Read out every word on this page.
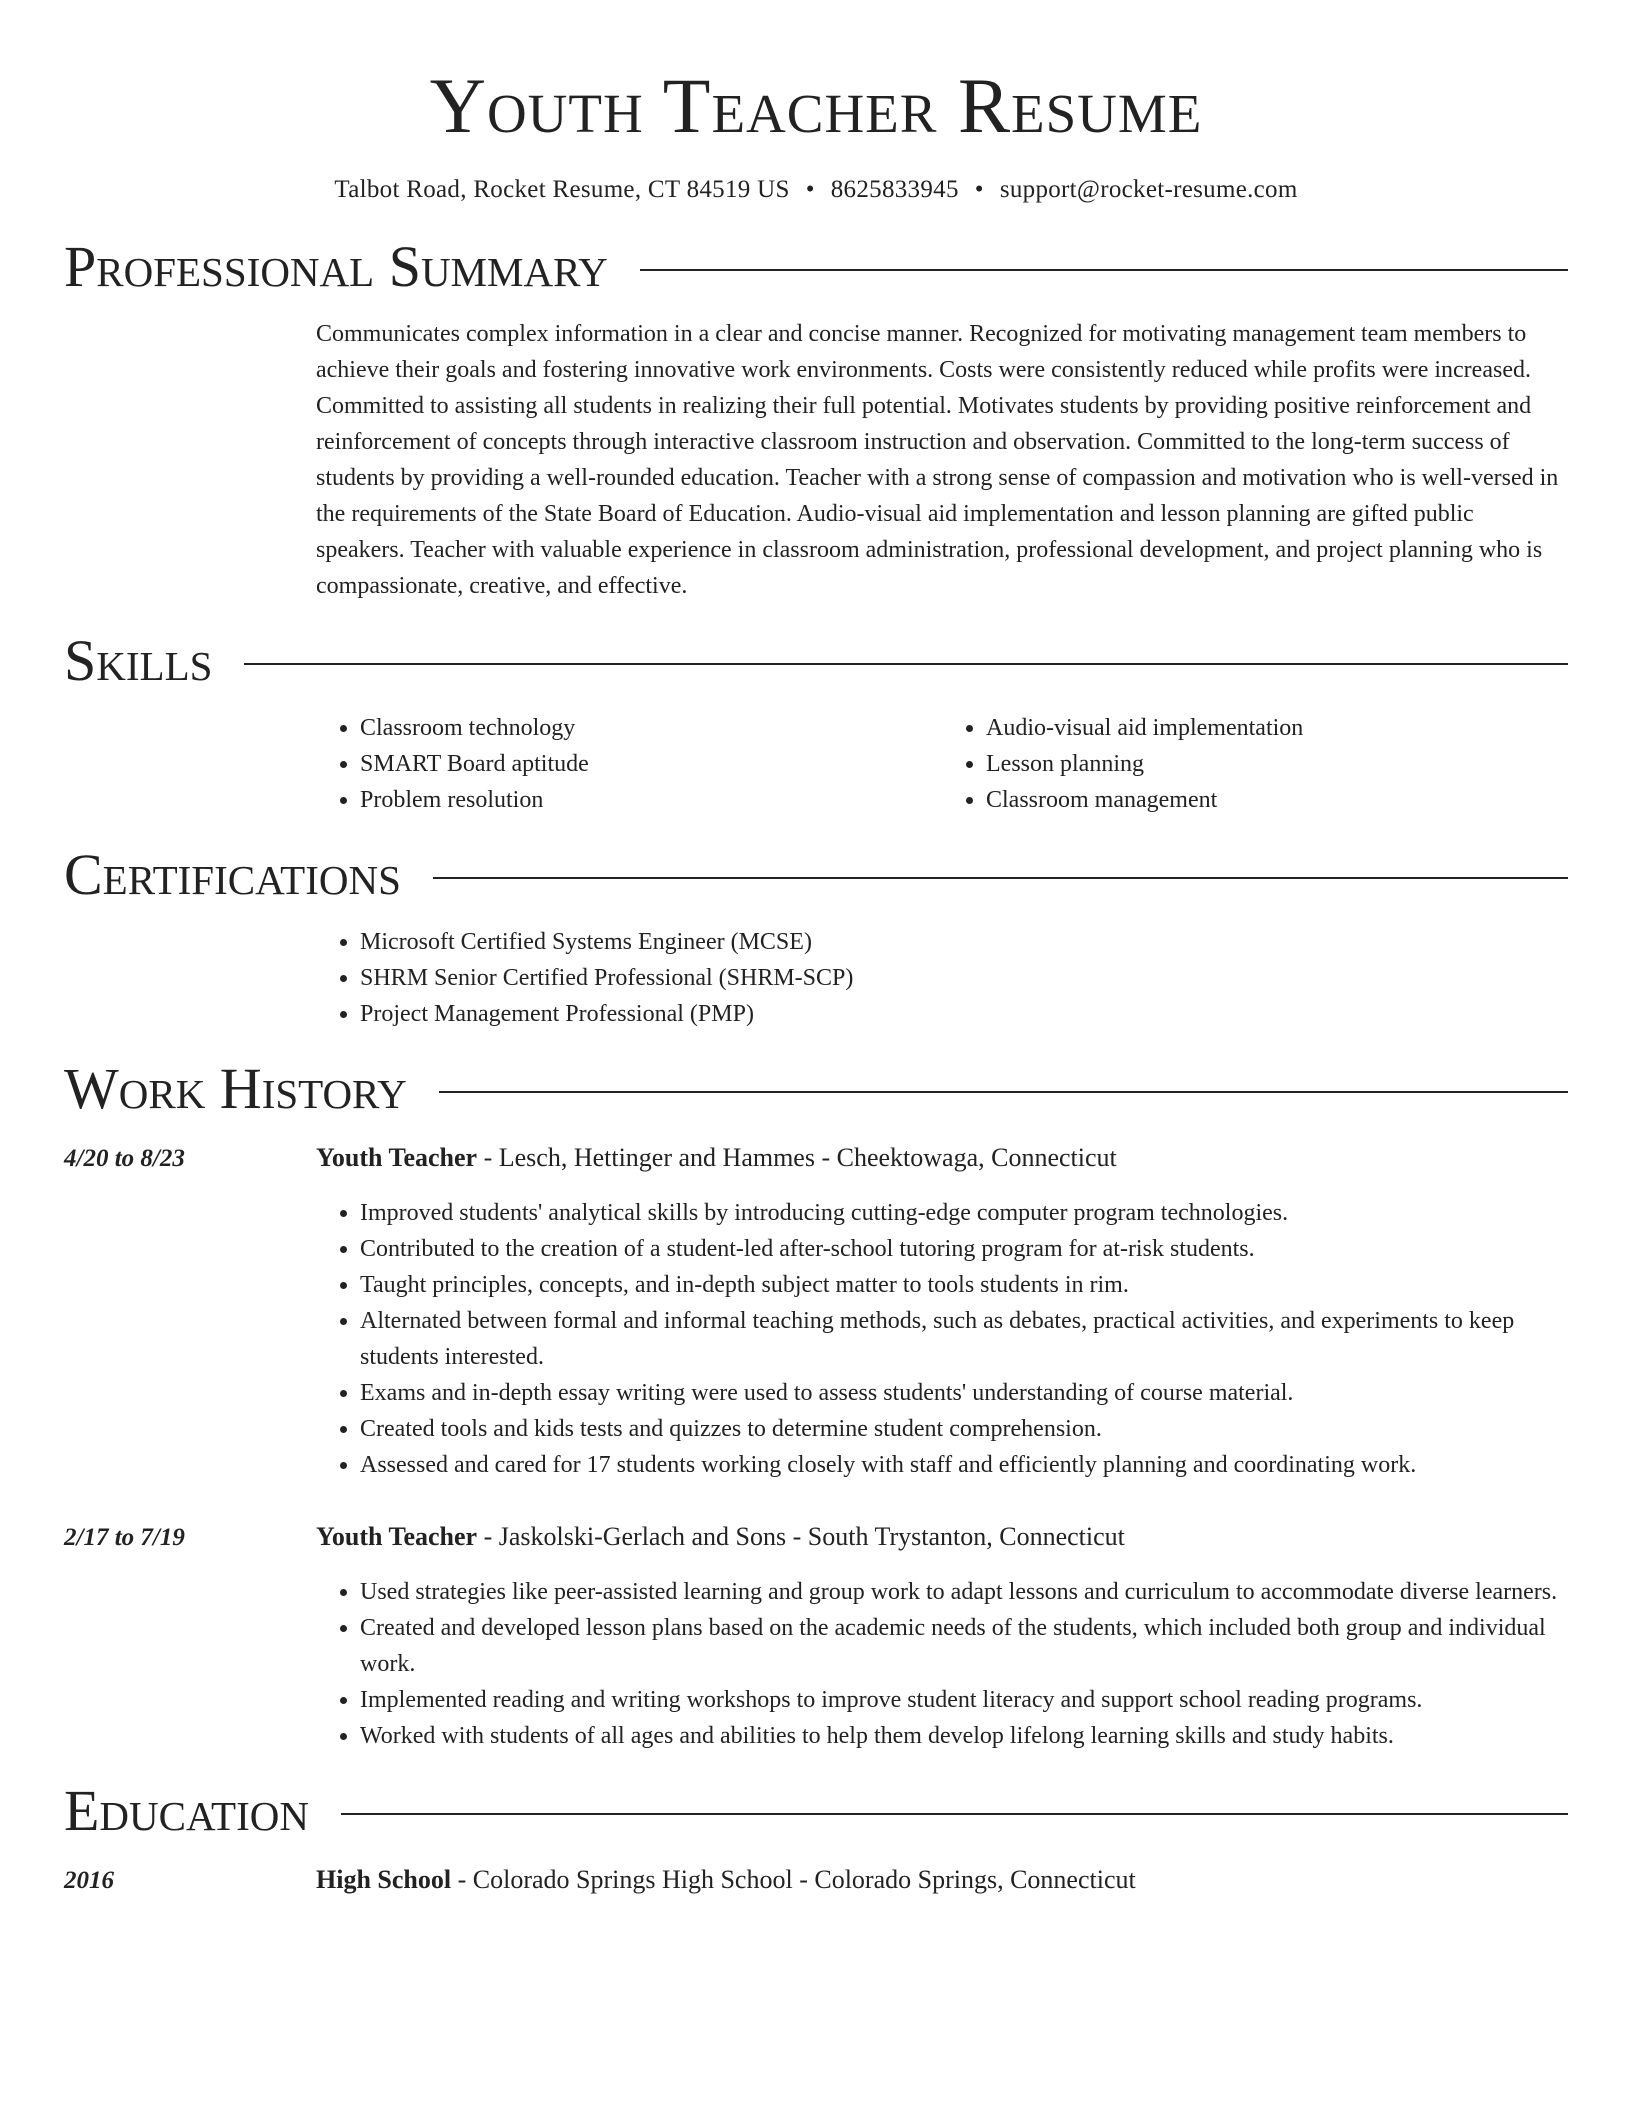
Youth Teacher Resume
Talbot Road, Rocket Resume, CT 84519 US • 8625833945 • support@rocket-resume.com
Professional Summary

Communicates complex information in a clear and concise manner. Recognized for motivating management team members to achieve their goals and fostering innovative work environments. Costs were consistently reduced while profits were increased. Committed to assisting all students in realizing their full potential. Motivates students by providing positive reinforcement and reinforcement of concepts through interactive classroom instruction and observation. Committed to the long-term success of students by providing a well-rounded education. Teacher with a strong sense of compassion and motivation who is well-versed in the requirements of the State Board of Education. Audio-visual aid implementation and lesson planning are gifted public speakers. Teacher with valuable experience in classroom administration, professional development, and project planning who is compassionate, creative, and effective.

Skills
• Classroom technology
• SMART Board aptitude
• Problem resolution
• Audio-visual aid implementation
• Lesson planning
• Classroom management
Certifications
• Microsoft Certified Systems Engineer (MCSE)
• SHRM Senior Certified Professional (SHRM-SCP)
• Project Management Professional (PMP)
Work History
4/20 to 8/23	Youth Teacher - Lesch, Hettinger and Hammes - Cheektowaga, Connecticut
• Improved students' analytical skills by introducing cutting-edge computer program technologies.
• Contributed to the creation of a student-led after-school tutoring program for at-risk students.
• Taught principles, concepts, and in-depth subject matter to tools students in rim.
• Alternated between formal and informal teaching methods, such as debates, practical activities, and experiments to keep students interested.
• Exams and in-depth essay writing were used to assess students' understanding of course material.
• Created tools and kids tests and quizzes to determine student comprehension.
• Assessed and cared for 17 students working closely with staff and efficiently planning and coordinating work.
2/17 to 7/19	Youth Teacher - Jaskolski-Gerlach and Sons - South Trystanton, Connecticut
• Used strategies like peer-assisted learning and group work to adapt lessons and curriculum to accommodate diverse learners.
• Created and developed lesson plans based on the academic needs of the students, which included both group and individual work.
• Implemented reading and writing workshops to improve student literacy and support school reading programs.
• Worked with students of all ages and abilities to help them develop lifelong learning skills and study habits.
Education
2016	High School - Colorado Springs High School - Colorado Springs, Connecticut
